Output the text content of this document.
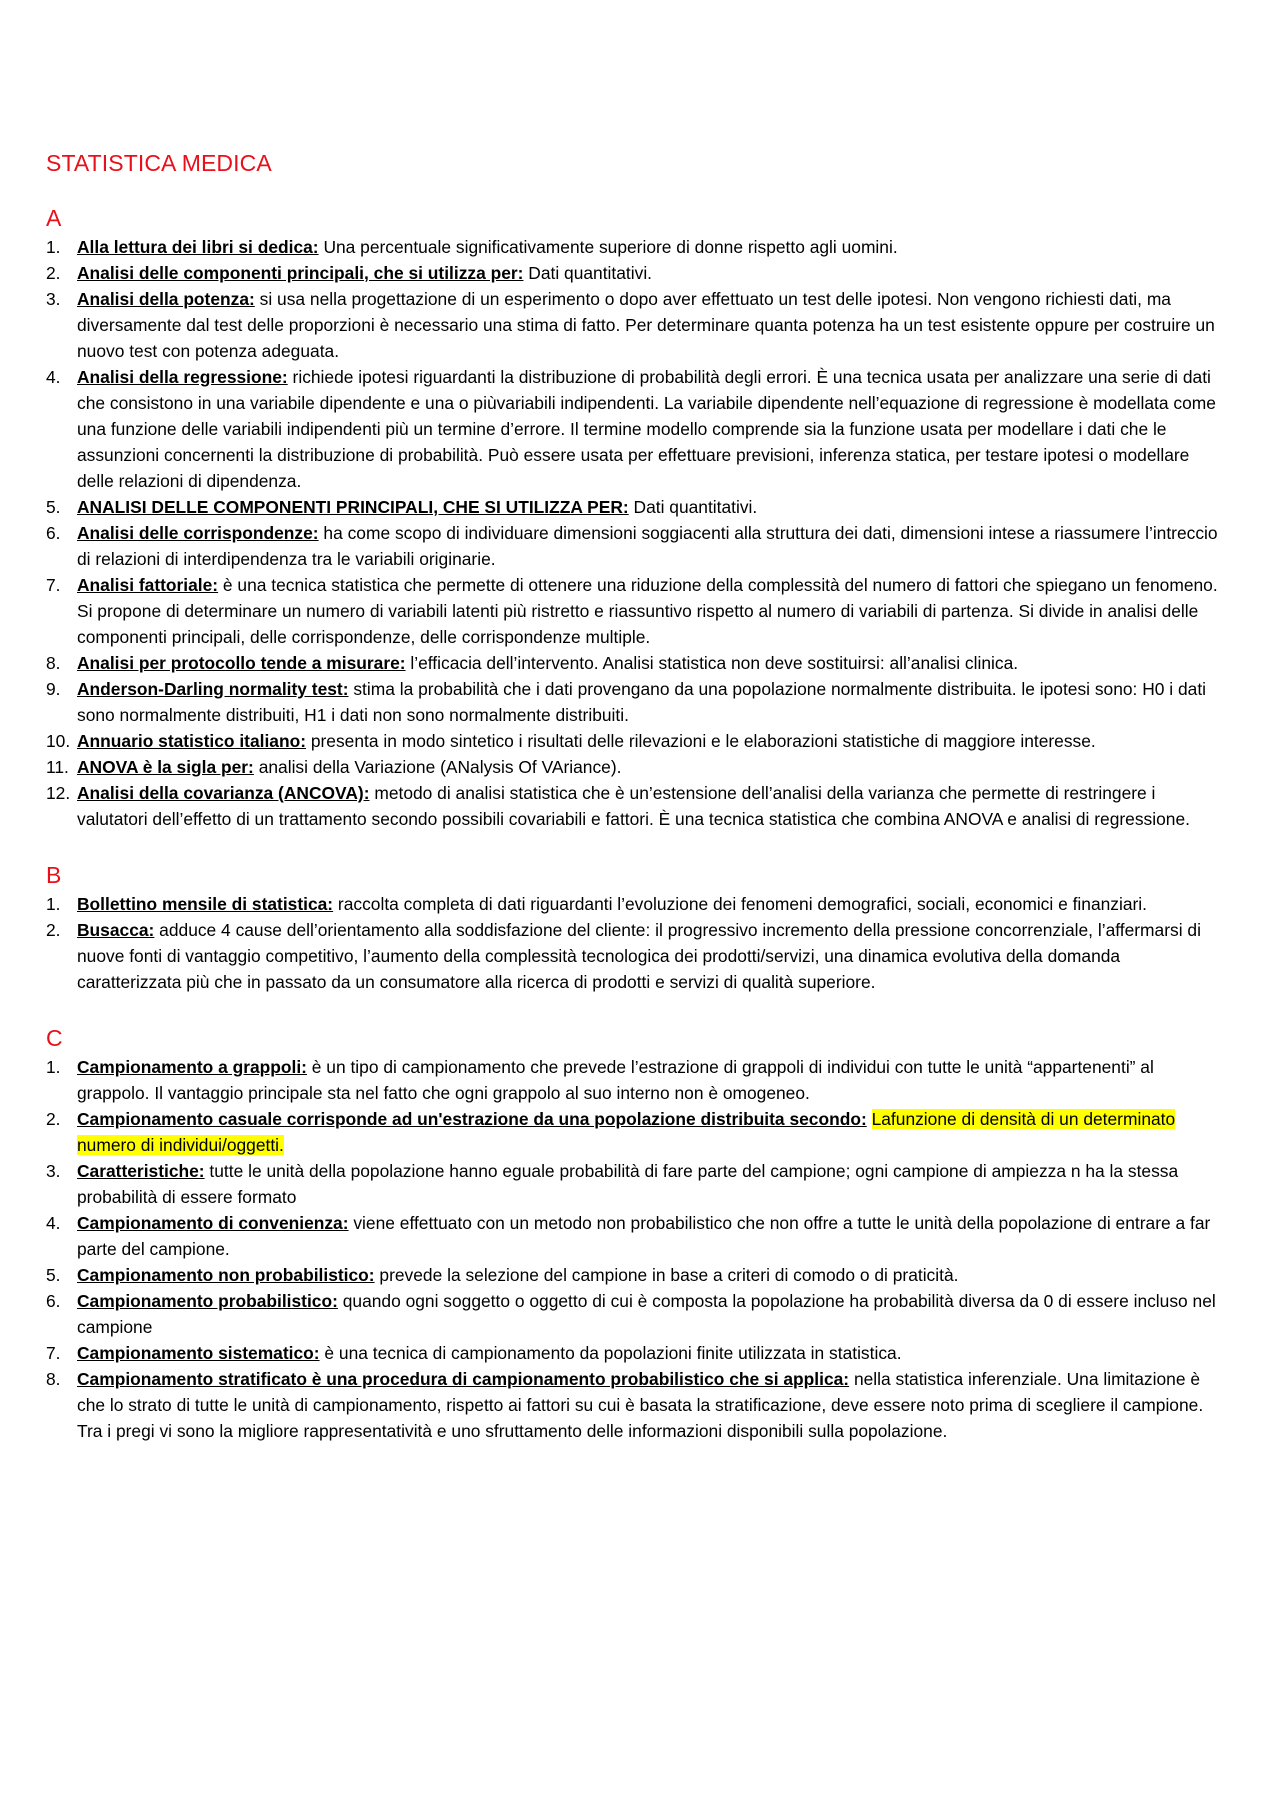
STATISTICA MEDICA
A
1. Alla lettura dei libri si dedica: Una percentuale significativamente superiore di donne rispetto agli uomini.
2. Analisi delle componenti principali, che si utilizza per: Dati quantitativi.
3. Analisi della potenza: si usa nella progettazione di un esperimento o dopo aver effettuato un test delle ipotesi. Non vengono richiesti dati, ma diversamente dal test delle proporzioni è necessario una stima di fatto. Per determinare quanta potenza ha un test esistente oppure per costruire un nuovo test con potenza adeguata.
4. Analisi della regressione: richiede ipotesi riguardanti la distribuzione di probabilità degli errori. È una tecnica usata per analizzare una serie di dati che consistono in una variabile dipendente e una o piùvariabili indipendenti. La variabile dipendente nell’equazione di regressione è modellata come una funzione delle variabili indipendenti più un termine d’errore. Il termine modello comprende sia la funzione usata per modellare i dati che le assunzioni concernenti la distribuzione di probabilità. Può essere usata per effettuare previsioni, inferenza statica, per testare ipotesi o modellare delle relazioni di dipendenza.
5. ANALISI DELLE COMPONENTI PRINCIPALI, CHE SI UTILIZZA PER: Dati quantitativi.
6. Analisi delle corrispondenze: ha come scopo di individuare dimensioni soggiacenti alla struttura dei dati, dimensioni intese a riassumere l’intreccio di relazioni di interdipendenza tra le variabili originarie.
7. Analisi fattoriale: è una tecnica statistica che permette di ottenere una riduzione della complessità del numero di fattori che spiegano un fenomeno. Si propone di determinare un numero di variabili latenti più ristretto e riassuntivo rispetto al numero di variabili di partenza. Si divide in analisi delle componenti principali, delle corrispondenze, delle corrispondenze multiple.
8. Analisi per protocollo tende a misurare: l’efficacia dell’intervento. Analisi statistica non deve sostituirsi: all’analisi clinica.
9. Anderson-Darling normality test: stima la probabilità che i dati provengano da una popolazione normalmente distribuita. le ipotesi sono: H0 i dati sono normalmente distribuiti, H1 i dati non sono normalmente distribuiti.
10. Annuario statistico italiano: presenta in modo sintetico i risultati delle rilevazioni e le elaborazioni statistiche di maggiore interesse.
11. ANOVA è la sigla per: analisi della Variazione (ANalysis Of VAriance).
12. Analisi della covarianza (ANCOVA): metodo di analisi statistica che è un’estensione dell’analisi della varianza che permette di restringere i valutatori dell’effetto di un trattamento secondo possibili covariabili e fattori. È una tecnica statistica che combina ANOVA e analisi di regressione.
B
1. Bollettino mensile di statistica: raccolta completa di dati riguardanti l’evoluzione dei fenomeni demografici, sociali, economici e finanziari.
2. Busacca: adduce 4 cause dell’orientamento alla soddisfazione del cliente: il progressivo incremento della pressione concorrenziale, l’affermarsi di nuove fonti di vantaggio competitivo, l’aumento della complessità tecnologica dei prodotti/servizi, una dinamica evolutiva della domanda caratterizzata più che in passato da un consumatore alla ricerca di prodotti e servizi di qualità superiore.
C
1. Campionamento a grappoli: è un tipo di campionamento che prevede l’estrazione di grappoli di individui con tutte le unità “appartenenti” al grappolo. Il vantaggio principale sta nel fatto che ogni grappolo al suo interno non è omogeneo.
2. Campionamento casuale corrisponde ad un'estrazione da una popolazione distribuita secondo: Lafunzione di densità di un determinato numero di individui/oggetti.
3. Caratteristiche: tutte le unità della popolazione hanno eguale probabilità di fare parte del campione; ogni campione di ampiezza n ha la stessa probabilità di essere formato
4. Campionamento di convenienza: viene effettuato con un metodo non probabilistico che non offre a tutte le unità della popolazione di entrare a far parte del campione.
5. Campionamento non probabilistico: prevede la selezione del campione in base a criteri di comodo o di praticità.
6. Campionamento probabilistico: quando ogni soggetto o oggetto di cui è composta la popolazione ha probabilità diversa da 0 di essere incluso nel campione
7. Campionamento sistematico: è una tecnica di campionamento da popolazioni finite utilizzata in statistica.
8. Campionamento stratificato è una procedura di campionamento probabilistico che si applica: nella statistica inferenziale. Una limitazione è che lo strato di tutte le unità di campionamento, rispetto ai fattori su cui è basata la stratificazione, deve essere noto prima di scegliere il campione. Tra i pregi vi sono la migliore rappresentatività e uno sfruttamento delle informazioni disponibili sulla popolazione.
